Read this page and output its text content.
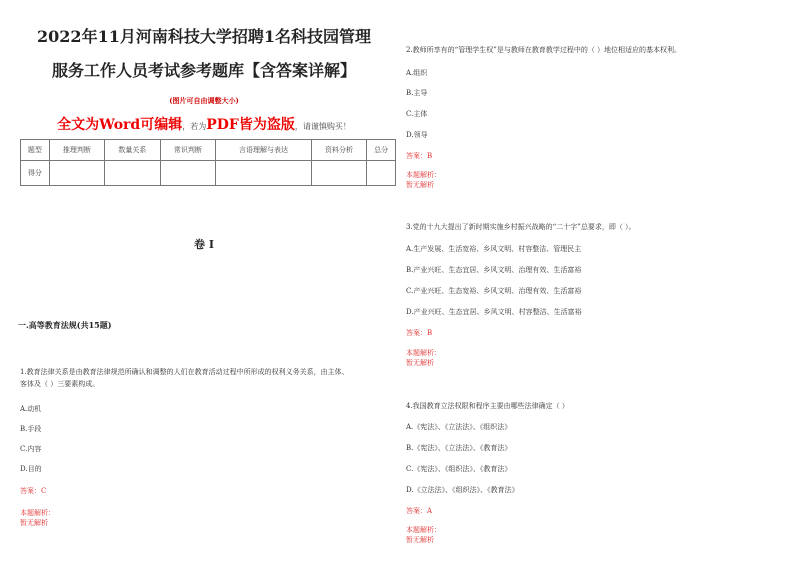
2022年11月河南科技大学招聘1名科技园管理
服务工作人员考试参考题库【含答案详解】
(图片可自由调整大小)
全文为Word可编辑，若为PDF皆为盗版，请谨慎购买！
题型	推理判断	数量关系	常识判断	言语理解与表达	资料分析	总分
得分						
卷 I
一.高等教育法规(共15题)
1.教育法律关系是由教育法律规范所确认和调整的人们在教育活动过程中所形成的权利义务关系，由主体、
客体及（ ）三要素构成。
A.动机
B.手段
C.内容
D.目的
答案：C
本题解析：
暂无解析
2.教师所享有的“管理学生权”是与教师在教育教学过程中的（ ）地位相适应的基本权利。
A.组织
B.主导
C.主体
D.领导
答案：B
本题解析：
暂无解析
3.党的十九大提出了新时期实施乡村振兴战略的“二十字”总要求，即（ ）。
A.生产发展、生活宽裕、乡风文明、村容整洁、管理民主
B.产业兴旺、生态宜居、乡风文明、治理有效、生活富裕
C.产业兴旺、生态宽裕、乡风文明、治理有效、生活富裕
D.产业兴旺、生态宜居、乡风文明、村容整洁、生活富裕
答案：B
本题解析：
暂无解析
4.我国教育立法权限和程序主要由哪些法律确定（ ）
A.《宪法》、《立法法》、《组织法》
B.《宪法》、《立法法》、《教育法》
C.《宪法》、《组织法》、《教育法》
D.《立法法》、《组织法》、《教育法》
答案：A
本题解析：
暂无解析
